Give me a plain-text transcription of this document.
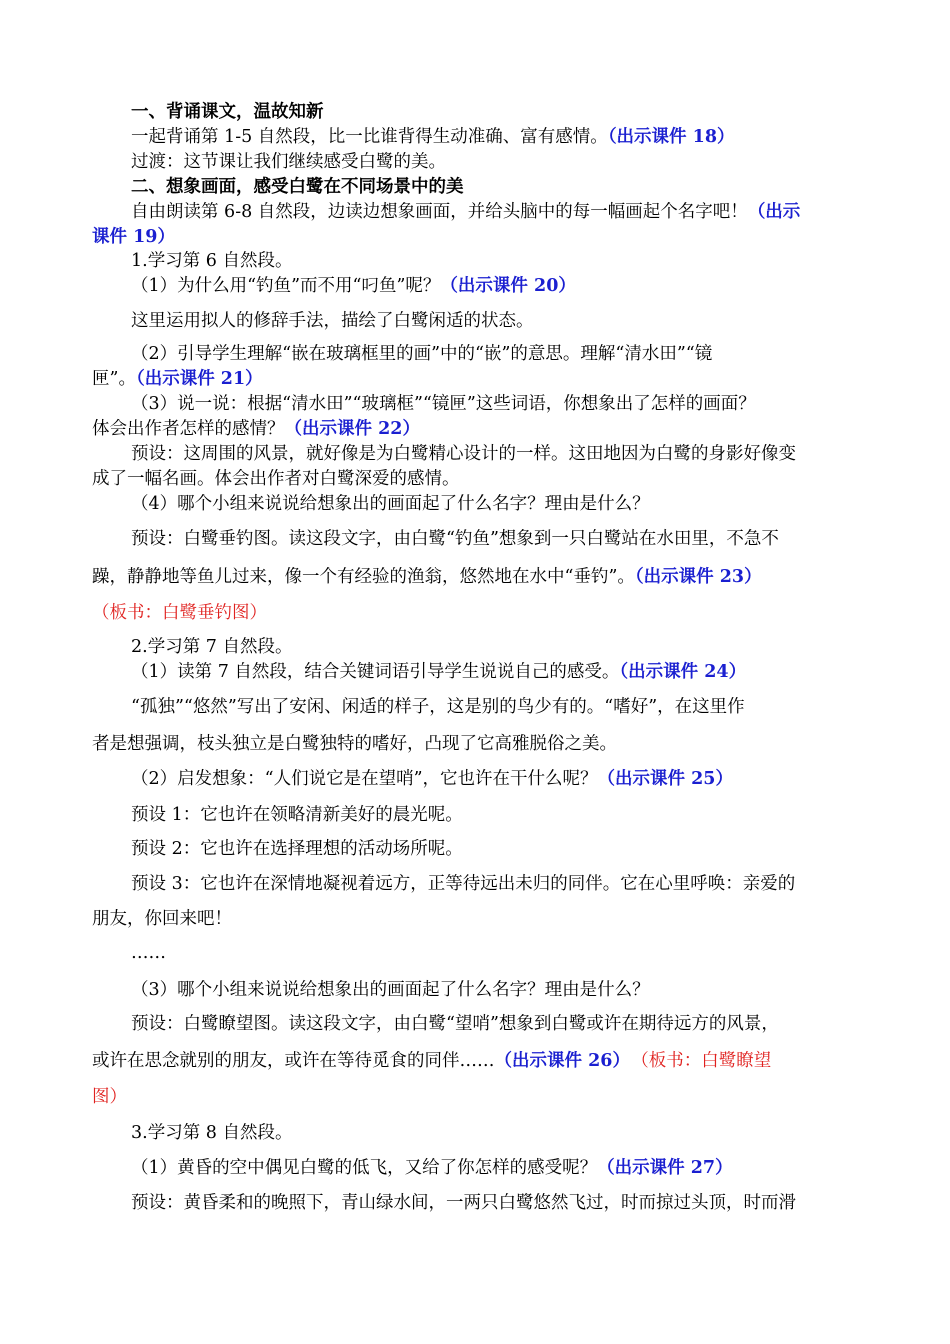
一、背诵课文，温故知新
一起背诵第 1-5 自然段，比一比谁背得生动准确、富有感情。（出示课件 18）
过渡：这节课让我们继续感受白鹭的美。
二、想象画面，感受白鹭在不同场景中的美
自由朗读第 6-8 自然段，边读边想象画面，并给头脑中的每一幅画起个名字吧！（出示
课件 19）
1.学习第 6 自然段。
（1）为什么用“钓鱼”而不用“叼鱼”呢？（出示课件 20）
这里运用拟人的修辞手法，描绘了白鹭闲适的状态。
（2）引导学生理解“嵌在玻璃框里的画”中的“嵌”的意思。理解“清水田”“镜
匣”。（出示课件 21）
（3）说一说：根据“清水田”“玻璃框”“镜匣”这些词语，你想象出了怎样的画面？
体会出作者怎样的感情？（出示课件 22）
预设：这周围的风景，就好像是为白鹭精心设计的一样。这田地因为白鹭的身影好像变
成了一幅名画。体会出作者对白鹭深爱的感情。
（4）哪个小组来说说给想象出的画面起了什么名字？理由是什么？
预设：白鹭垂钓图。读这段文字，由白鹭“钓鱼”想象到一只白鹭站在水田里，不急不
躁，静静地等鱼儿过来，像一个有经验的渔翁，悠然地在水中“垂钓”。（出示课件 23）
（板书：白鹭垂钓图）
2.学习第 7 自然段。
（1）读第 7 自然段，结合关键词语引导学生说说自己的感受。（出示课件 24）
“孤独”“悠然”写出了安闲、闲适的样子，这是别的鸟少有的。“嗜好”，在这里作
者是想强调，枝头独立是白鹭独特的嗜好，凸现了它高雅脱俗之美。
（2）启发想象：“人们说它是在望哨”，它也许在干什么呢？（出示课件 25）
预设 1：它也许在领略清新美好的晨光呢。
预设 2：它也许在选择理想的活动场所呢。
预设 3：它也许在深情地凝视着远方，正等待远出未归的同伴。它在心里呼唤：亲爱的
朋友，你回来吧！
……
（3）哪个小组来说说给想象出的画面起了什么名字？理由是什么？
预设：白鹭瞭望图。读这段文字，由白鹭“望哨”想象到白鹭或许在期待远方的风景，
或许在思念就别的朋友，或许在等待觅食的同伴……（出示课件 26） （板书：白鹭瞭望
图）
3.学习第 8 自然段。
（1）黄昏的空中偶见白鹭的低飞，又给了你怎样的感受呢？（出示课件 27）
预设：黄昏柔和的晚照下，青山绿水间，一两只白鹭悠然飞过，时而掠过头顶，时而滑
